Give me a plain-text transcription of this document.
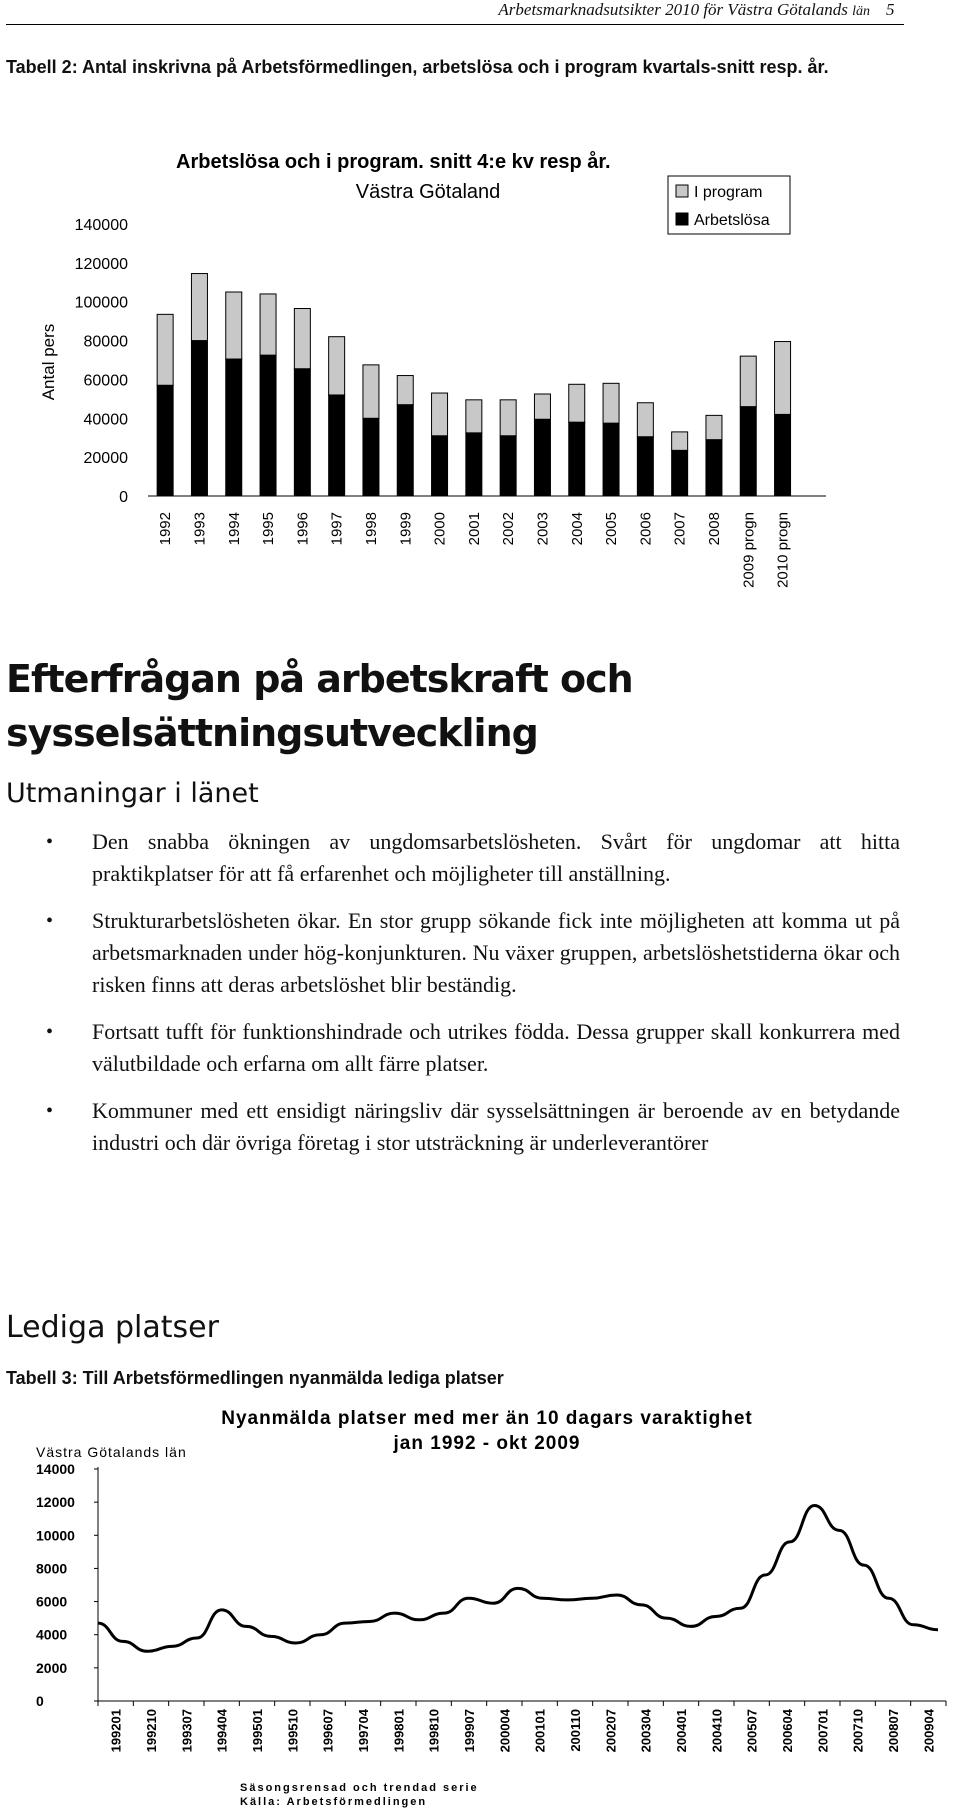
Arbetsmarknadsutsikter 2010 för Västra Götalands län 5
Tabell 2: Antal inskrivna på Arbetsförmedlingen, arbetslösa och i program kvartals-snitt resp. år.
Arbetslösa och i program. snitt 4:e kv resp år.
Västra Götaland	I program
Arbetslösa
Antal pers
0
20000
40000
60000
80000
100000
120000
140000
1992 1993 1994 1995 1996 1997 1998 1999 2000 2001 2002 2003 2004 2005 2006 2007 2008 2009 progn 2010 progn
Efterfrågan på arbetskraft och sysselsättningsutveckling
Utmaningar i länet
• Den snabba ökningen av ungdomsarbetslösheten. Svårt för ungdomar att hitta praktikplatser för att få erfarenhet och möjligheter till anställning.
• Strukturarbetslösheten ökar. En stor grupp sökande fick inte möjligheten att komma ut på arbetsmarknaden under hög-konjunkturen. Nu växer gruppen, arbetslöshetstiderna ökar och risken finns att deras arbetslöshet blir beständig.
• Fortsatt tufft för funktionshindrade och utrikes födda. Dessa grupper skall konkurrera med välutbildade och erfarna om allt färre platser.
• Kommuner med ett ensidigt näringsliv där sysselsättningen är beroende av en betydande industri och där övriga företag i stor utsträckning är underleverantörer
Lediga platser
Tabell 3: Till Arbetsförmedlingen nyanmälda lediga platser
Nyanmälda platser med mer än 10 dagars varaktighet
jan 1992 - okt 2009
Västra Götalands län
0
2000
4000
6000
8000
10000
12000
14000
199201 199210 199307 199404 199501 199510 199607 199704 199801 199810 199907 200004 200101 200110 200207 200304 200401 200410 200507 200604 200701 200710 200807 200904
Säsongsrensad och trendad serie
Källa: Arbetsförmedlingen
